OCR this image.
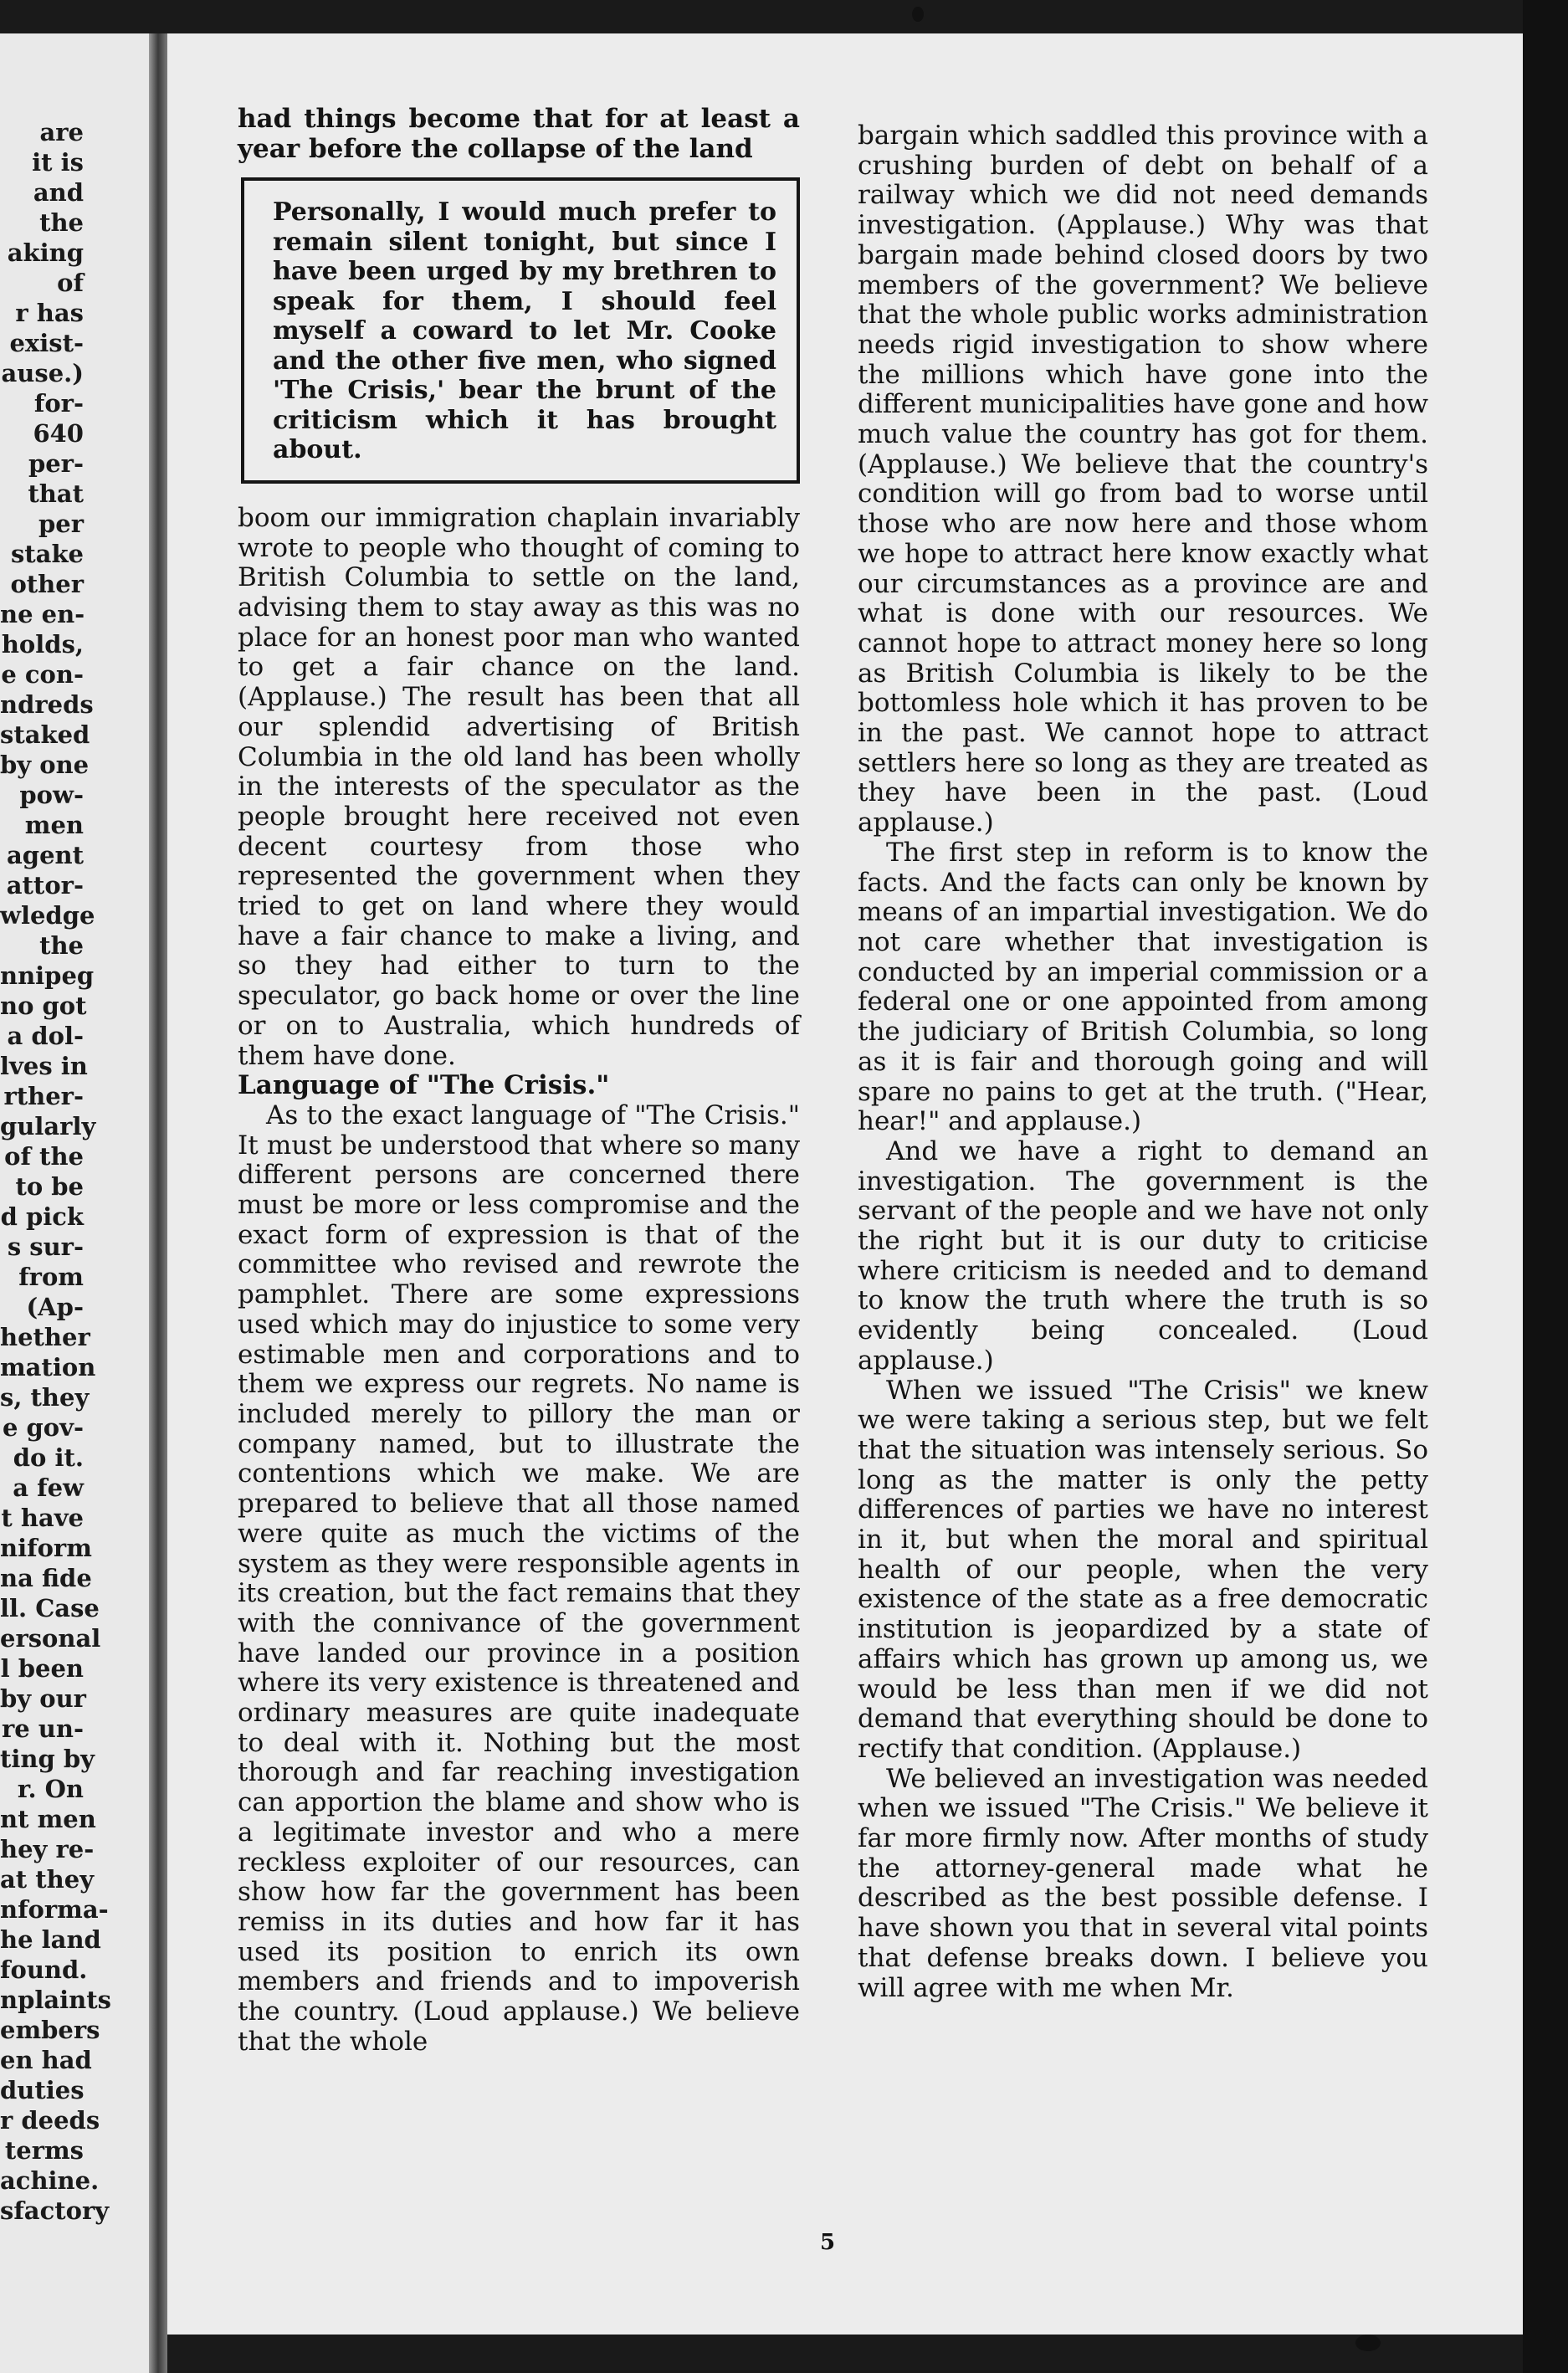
are
it is
and
the
aking
of
r has
exist-
ause.)
for-
640
per-
that
per
stake
other
ne en-
holds,
e con-
ndreds
staked
by one
pow-
men
agent
attor-
wledge
the
nnipeg
no got
a dol-
lves in
rther-
gularly
of the
to be
d pick
s sur-
from
(Ap-
hether
mation
s, they
e gov-
do it.
a few
t have
niform
na fide
ll. Case
ersonal
l been
by our
re un-
ting by
r. On
nt men
hey re-
at they
nforma-
he land
found.
nplaints
embers
en had
duties
r deeds
terms
achine.
sfactory

had things become that for at least a year before the collapse of the land

Personally, I would much prefer to remain silent tonight, but since I have been urged by my brethren to speak for them, I should feel myself a coward to let Mr. Cooke and the other five men, who signed 'The Crisis,' bear the brunt of the criticism which it has brought about.

boom our immigration chaplain invariably wrote to people who thought of coming to British Columbia to settle on the land, advising them to stay away as this was no place for an honest poor man who wanted to get a fair chance on the land. (Applause.) The result has been that all our splendid advertising of British Columbia in the old land has been wholly in the interests of the speculator as the people brought here received not even decent courtesy from those who represented the government when they tried to get on land where they would have a fair chance to make a living, and so they had either to turn to the speculator, go back home or over the line or on to Australia, which hundreds of them have done.

Language of "The Crisis."

As to the exact language of "The Crisis." It must be understood that where so many different persons are concerned there must be more or less compromise and the exact form of expression is that of the committee who revised and rewrote the pamphlet. There are some expressions used which may do injustice to some very estimable men and corporations and to them we express our regrets. No name is included merely to pillory the man or company named, but to illustrate the contentions which we make. We are prepared to believe that all those named were quite as much the victims of the system as they were responsible agents in its creation, but the fact remains that they with the connivance of the government have landed our province in a position where its very existence is threatened and ordinary measures are quite inadequate to deal with it. Nothing but the most thorough and far reaching investigation can apportion the blame and show who is a legitimate investor and who a mere reckless exploiter of our resources, can show how far the government has been remiss in its duties and how far it has used its position to enrich its own members and friends and to impoverish the country. (Loud applause.) We believe that the whole

bargain which saddled this province with a crushing burden of debt on behalf of a railway which we did not need demands investigation. (Applause.) Why was that bargain made behind closed doors by two members of the government? We believe that the whole public works administration needs rigid investigation to show where the millions which have gone into the different municipalities have gone and how much value the country has got for them. (Applause.) We believe that the country's condition will go from bad to worse until those who are now here and those whom we hope to attract here know exactly what our circumstances as a province are and what is done with our resources. We cannot hope to attract money here so long as British Columbia is likely to be the bottomless hole which it has proven to be in the past. We cannot hope to attract settlers here so long as they are treated as they have been in the past. (Loud applause.)

The first step in reform is to know the facts. And the facts can only be known by means of an impartial investigation. We do not care whether that investigation is conducted by an imperial commission or a federal one or one appointed from among the judiciary of British Columbia, so long as it is fair and thorough going and will spare no pains to get at the truth. ("Hear, hear!" and applause.)

And we have a right to demand an investigation. The government is the servant of the people and we have not only the right but it is our duty to criticise where criticism is needed and to demand to know the truth where the truth is so evidently being concealed. (Loud applause.)

When we issued "The Crisis" we knew we were taking a serious step, but we felt that the situation was intensely serious. So long as the matter is only the petty differences of parties we have no interest in it, but when the moral and spiritual health of our people, when the very existence of the state as a free democratic institution is jeopardized by a state of affairs which has grown up among us, we would be less than men if we did not demand that everything should be done to rectify that condition. (Applause.)

We believed an investigation was needed when we issued "The Crisis." We believe it far more firmly now. After months of study the attorney-general made what he described as the best possible defense. I have shown you that in several vital points that defense breaks down. I believe you will agree with me when Mr.

5
